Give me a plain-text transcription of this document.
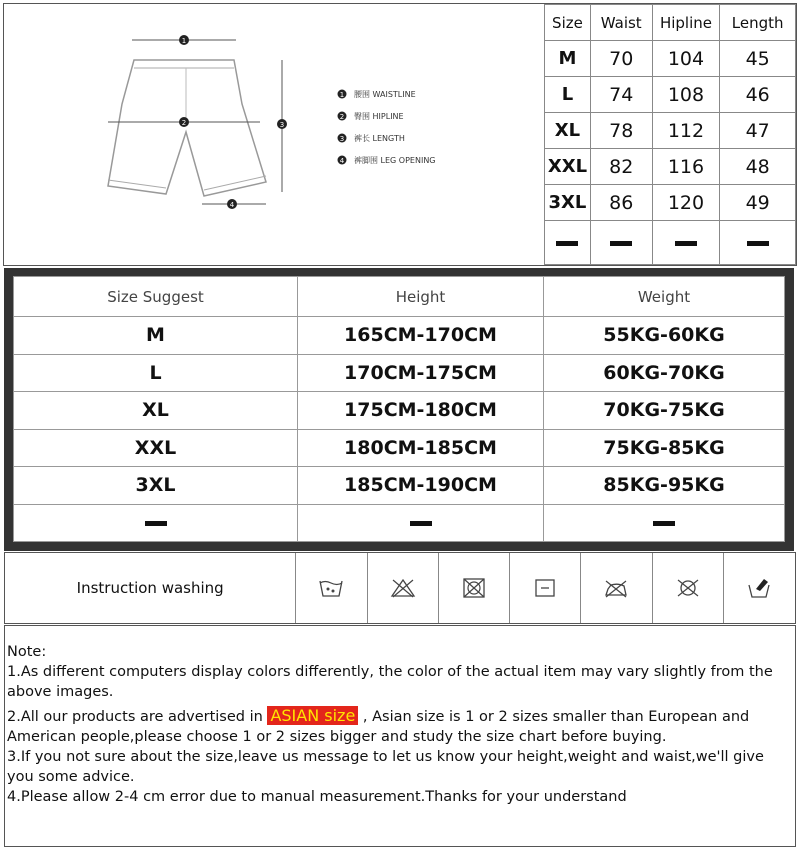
1
2	3
4
1 腰围 WAISTLINE
2 臀围 HIPLINE
3 裤长 LENGTH
4 裤脚围 LEG OPENING
Size	Waist	Hipline	Length
M	70	104	45
L	74	108	46
XL	78	112	47
XXL	82	116	48
3XL	86	120	49

Size Suggest	Height	Weight
M	165CM-170CM	55KG-60KG
L	170CM-175CM	60KG-70KG
XL	175CM-180CM	70KG-75KG
XXL	180CM-185CM	75KG-85KG
3XL	185CM-190CM	85KG-95KG

Instruction washing

Note:

1.As different computers display colors differently, the color of the actual item may vary slightly from the above images.

2.All our products are advertised in ASIAN size , Asian size is 1 or 2 sizes smaller than European and

American people,please choose 1 or 2 sizes bigger and study the size chart before buying.

3.If you not sure about the size,leave us message to let us know your height,weight and waist,we'll give you some advice.

4.Please allow 2-4 cm error due to manual measurement.Thanks for your understand
